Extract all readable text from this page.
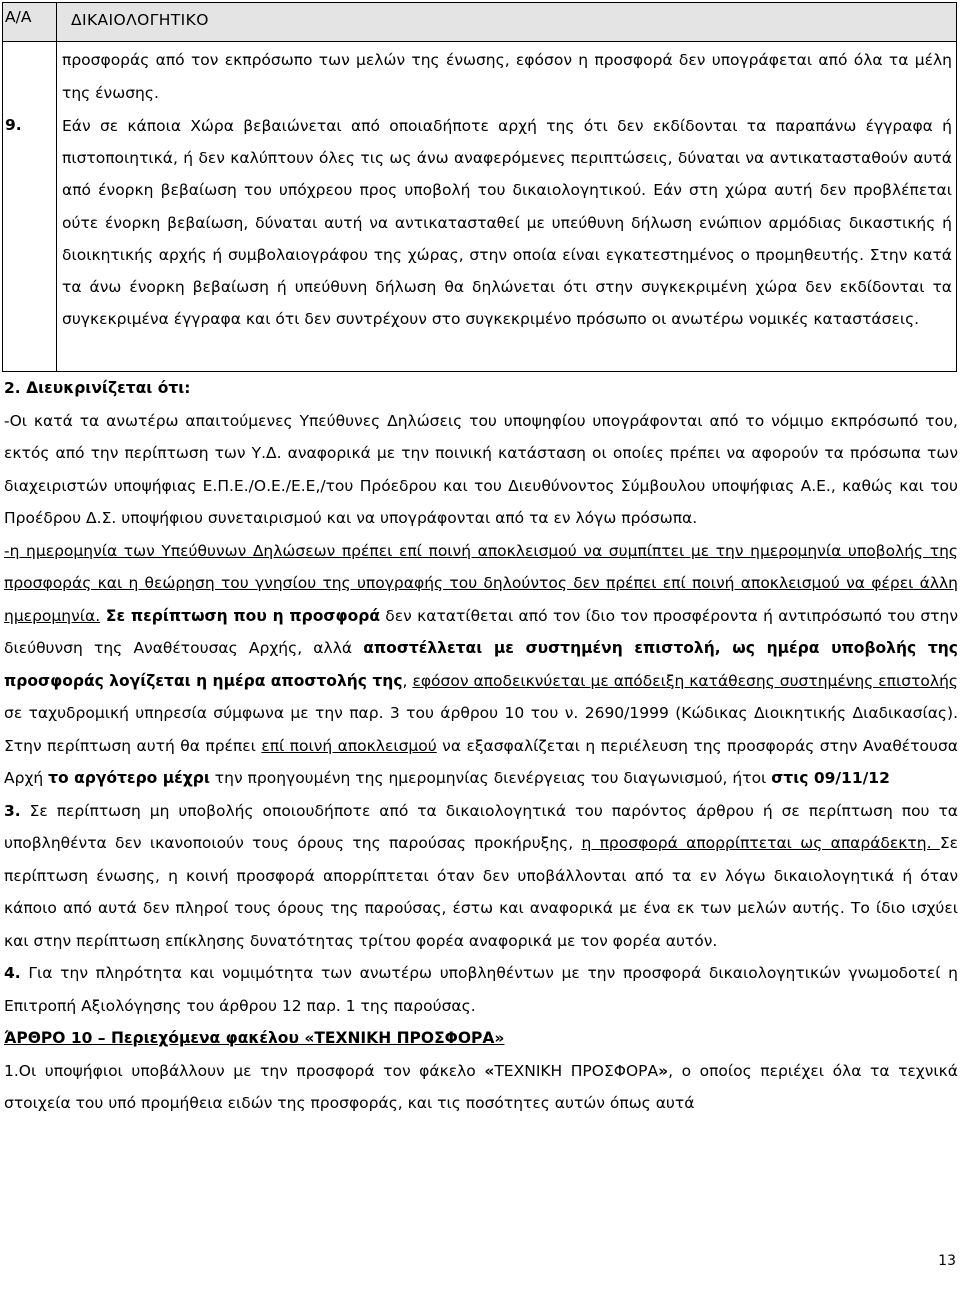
Α/Α	ΔΙΚΑΙΟΛΟΓΗΤΙΚΟ
9.

προσφοράς από τον εκπρόσωπο των μελών της ένωσης, εφόσον η προσφορά δεν υπογράφεται από όλα τα μέλη της ένωσης.

Εάν σε κάποια Χώρα βεβαιώνεται από οποιαδήποτε αρχή της ότι δεν εκδίδονται τα παραπάνω έγγραφα ή πιστοποιητικά, ή δεν καλύπτουν όλες τις ως άνω αναφερόμενες περιπτώσεις, δύναται να αντικατασταθούν αυτά από ένορκη βεβαίωση του υπόχρεου προς υποβολή του δικαιολογητικού. Εάν στη χώρα αυτή δεν προβλέπεται ούτε ένορκη βεβαίωση, δύναται αυτή να αντικατασταθεί με υπεύθυνη δήλωση ενώπιον αρμόδιας δικαστικής ή διοικητικής αρχής ή συμβολαιογράφου της χώρας, στην οποία είναι εγκατεστημένος ο προμηθευτής. Στην κατά τα άνω ένορκη βεβαίωση ή υπεύθυνη δήλωση θα δηλώνεται ότι στην συγκεκριμένη χώρα δεν εκδίδονται τα συγκεκριμένα έγγραφα και ότι δεν συντρέχουν στο συγκεκριμένο πρόσωπο οι ανωτέρω νομικές καταστάσεις.

2. Διευκρινίζεται ότι:

-Οι κατά τα ανωτέρω απαιτούμενες Υπεύθυνες Δηλώσεις του υποψηφίου υπογράφονται από το νόμιμο εκπρόσωπό του, εκτός από την περίπτωση των Υ.Δ. αναφορικά με την ποινική κατάσταση οι οποίες πρέπει να αφορούν τα πρόσωπα των διαχειριστών υποψήφιας Ε.Π.Ε./Ο.Ε./Ε.Ε,/του Πρόεδρου και του Διευθύνοντος Σύμβουλου υποψήφιας Α.Ε., καθώς και του Προέδρου Δ.Σ. υποψήφιου συνεταιρισμού και να υπογράφονται από τα εν λόγω πρόσωπα.

-η ημερομηνία των Υπεύθυνων Δηλώσεων πρέπει επί ποινή αποκλεισμού να συμπίπτει με την ημερομηνία υποβολής της προσφοράς και η θεώρηση του γνησίου της υπογραφής του δηλούντος δεν πρέπει επί ποινή αποκλεισμού να φέρει άλλη ημερομηνία. Σε περίπτωση που η προσφορά δεν κατατίθεται από τον ίδιο τον προσφέροντα ή αντιπρόσωπό του στην διεύθυνση της Αναθέτουσας Αρχής, αλλά αποστέλλεται με συστημένη επιστολή, ως ημέρα υποβολής της προσφοράς λογίζεται η ημέρα αποστολής της, εφόσον αποδεικνύεται με απόδειξη κατάθεσης συστημένης επιστολής σε ταχυδρομική υπηρεσία σύμφωνα με την παρ. 3 του άρθρου 10 του ν. 2690/1999 (Κώδικας Διοικητικής Διαδικασίας). Στην περίπτωση αυτή θα πρέπει επί ποινή αποκλεισμού να εξασφαλίζεται η περιέλευση της προσφοράς στην Αναθέτουσα Αρχή το αργότερο μέχρι την προηγουμένη της ημερομηνίας διενέργειας του διαγωνισμού, ήτοι στις 09/11/12

3. Σε περίπτωση μη υποβολής οποιουδήποτε από τα δικαιολογητικά του παρόντος άρθρου ή σε περίπτωση που τα υποβληθέντα δεν ικανοποιούν τους όρους της παρούσας προκήρυξης, η προσφορά απορρίπτεται ως απαράδεκτη. Σε περίπτωση ένωσης, η κοινή προσφορά απορρίπτεται όταν δεν υποβάλλονται από τα εν λόγω δικαιολογητικά ή όταν κάποιο από αυτά δεν πληροί τους όρους της παρούσας, έστω και αναφορικά με ένα εκ των μελών αυτής. Το ίδιο ισχύει και στην περίπτωση επίκλησης δυνατότητας τρίτου φορέα αναφορικά με τον φορέα αυτόν.

4. Για την πληρότητα και νομιμότητα των ανωτέρω υποβληθέντων με την προσφορά δικαιολογητικών γνωμοδοτεί η Επιτροπή Αξιολόγησης του άρθρου 12 παρ. 1 της παρούσας.

ΆΡΘΡΟ 10 – Περιεχόμενα φακέλου «ΤΕΧΝΙΚΗ ΠΡΟΣΦΟΡΑ»

1.Οι υποψήφιοι υποβάλλουν με την προσφορά τον φάκελο «ΤΕΧΝΙΚΗ ΠΡΟΣΦΟΡΑ», ο οποίος περιέχει όλα τα τεχνικά στοιχεία του υπό προμήθεια ειδών της προσφοράς, και τις ποσότητες αυτών όπως αυτά

13
